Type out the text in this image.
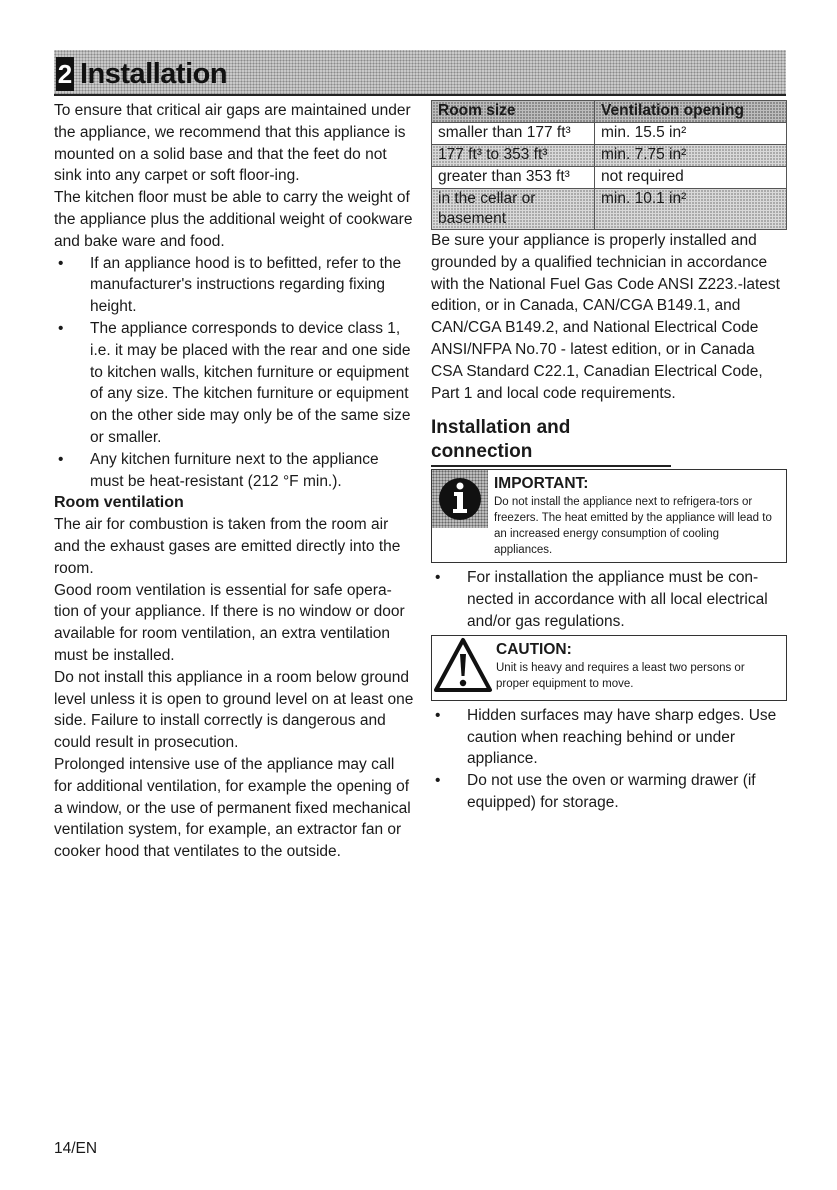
2 Installation

To ensure that critical air gaps are maintained under the appliance, we recommend that this appliance is mounted on a solid base and that the feet do not sink into any carpet or soft floor-ing.

The kitchen floor must be able to carry the weight of the appliance plus the additional weight of cookware and bake ware and food.

• If an appliance hood is to befitted, refer to the manufacturer's instructions regarding fixing height.
• The appliance corresponds to device class 1, i.e. it may be placed with the rear and one side to kitchen walls, kitchen furniture or equipment of any size. The kitchen furniture or equipment on the other side may only be of the same size or smaller.
• Any kitchen furniture next to the appliance must be heat-resistant (212 °F min.).

Room ventilation

The air for combustion is taken from the room air and the exhaust gases are emitted directly into the room.

Good room ventilation is essential for safe opera-tion of your appliance. If there is no window or door available for room ventilation, an extra ventilation must be installed.

Do not install this appliance in a room below ground level unless it is open to ground level on at least one side. Failure to install correctly is dangerous and could result in prosecution.

Prolonged intensive use of the appliance may call for additional ventilation, for example the opening of a window, or the use of permanent fixed mechanical ventilation system, for example, an extractor fan or cooker hood that ventilates to the outside.

Room size	Ventilation opening
smaller than 177 ft³	min. 15.5 in²
177 ft³ to 353 ft³	min. 7.75 in²
greater than 353 ft³	not required
in the cellar or basement	min. 10.1 in²

Be sure your appliance is properly installed and grounded by a qualified technician in accordance with the National Fuel Gas Code ANSI Z223.-latest edition, or in Canada, CAN/CGA B149.1, and CAN/CGA B149.2, and National Electrical Code ANSI/NFPA No.70 - latest edition, or in Canada CSA Standard C22.1, Canadian Electrical Code, Part 1 and local code requirements.

Installation and connection
IMPORTANT:
Do not install the appliance next to refrigera-tors or freezers. The heat emitted by the appliance will lead to an increased energy consumption of cooling appliances.
• For installation the appliance must be con-nected in accordance with all local electrical and/or gas regulations.
CAUTION:
Unit is heavy and requires a least two persons or proper equipment to move.
• Hidden surfaces may have sharp edges. Use caution when reaching behind or under appliance.
• Do not use the oven or warming drawer (if equipped) for storage.
14/EN
